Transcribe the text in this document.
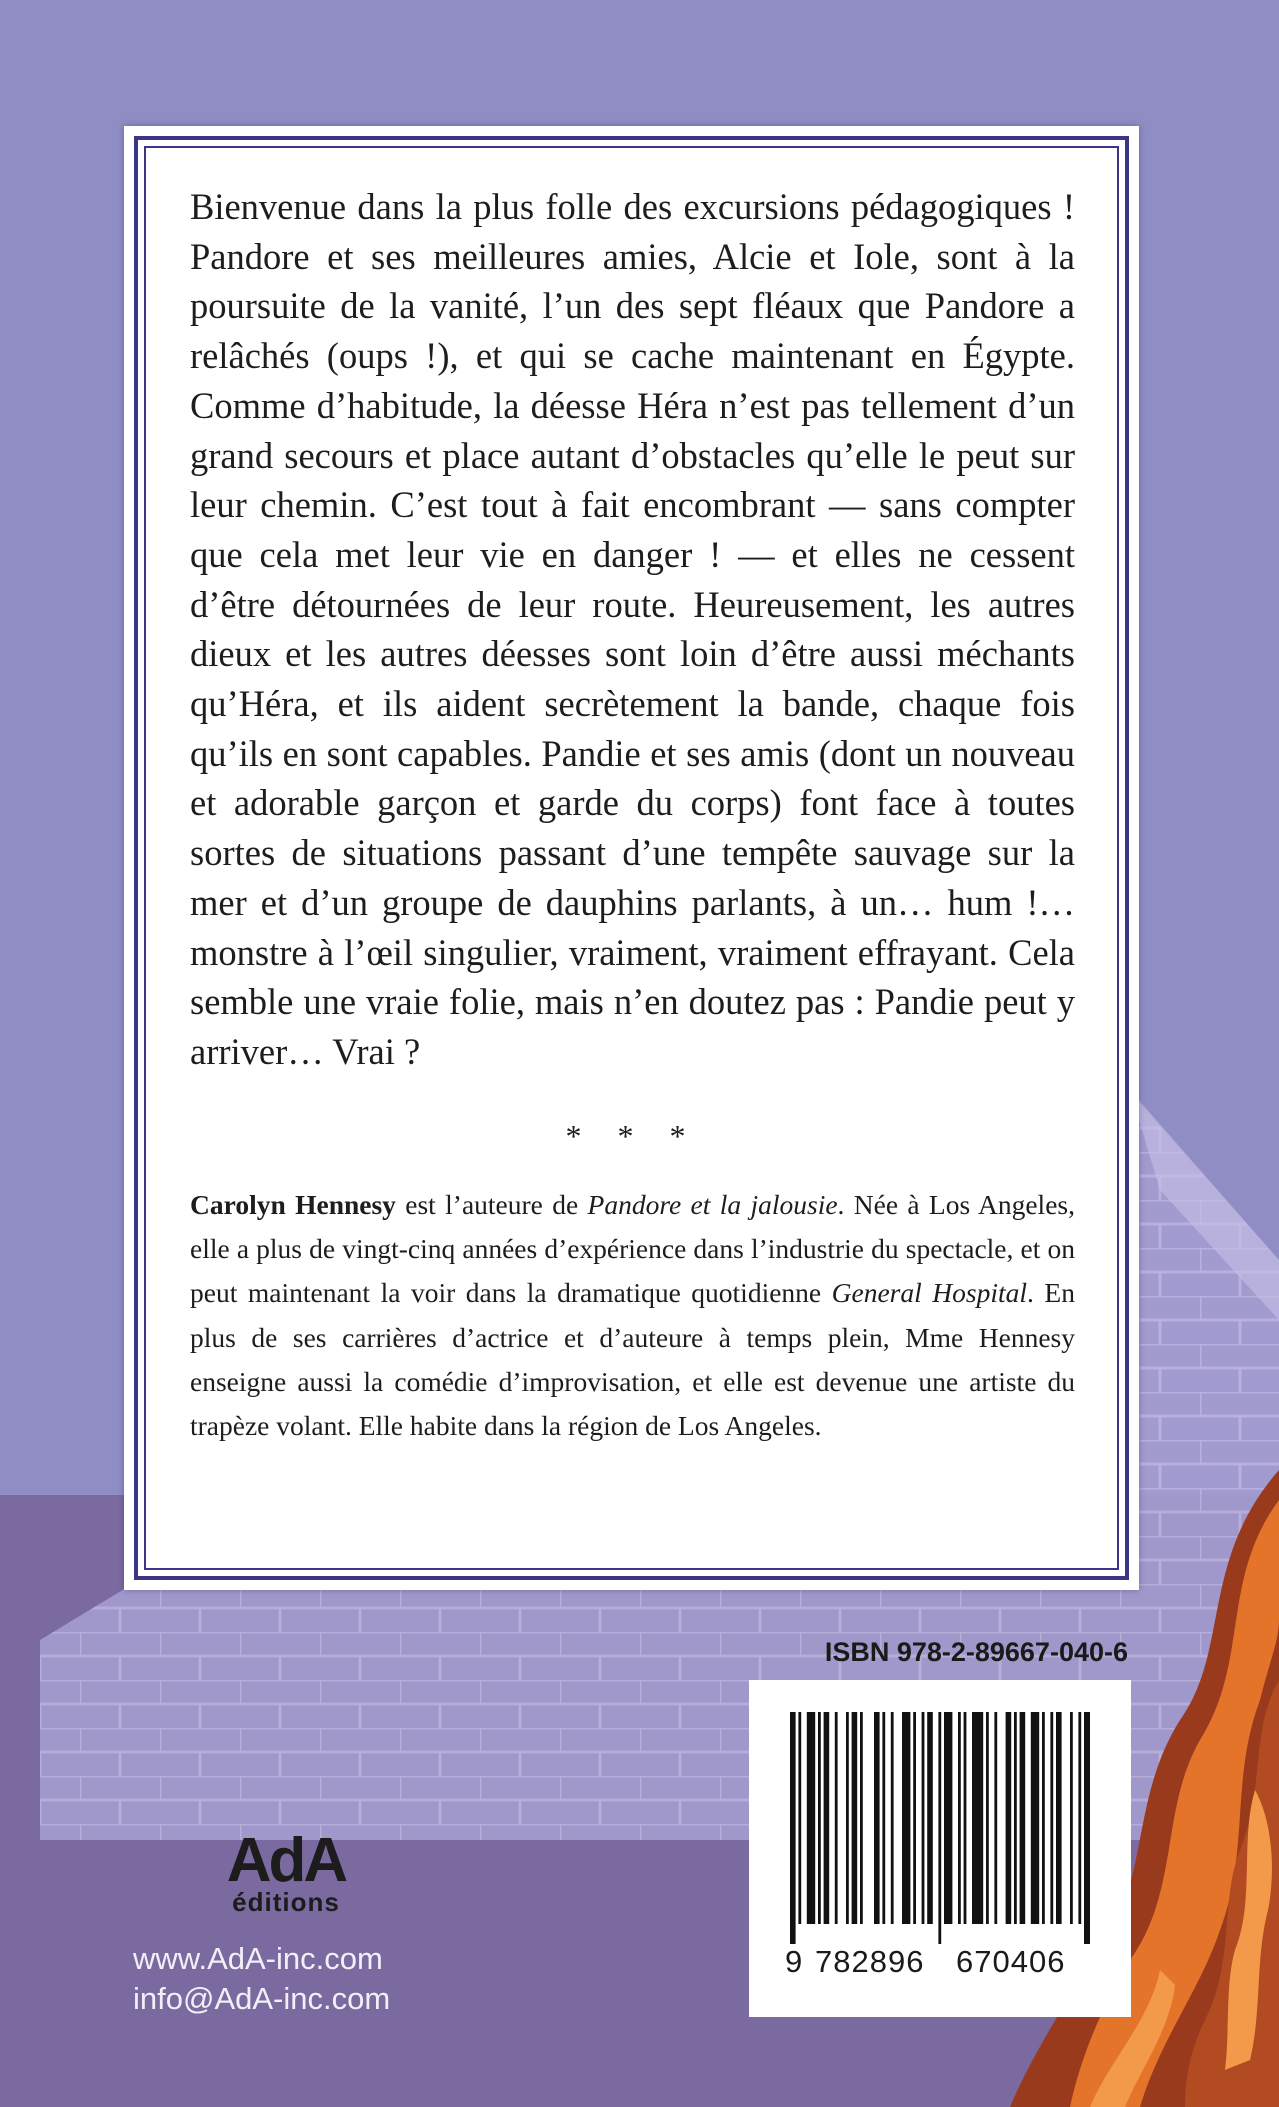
Bienvenue dans la plus folle des excursions pédagogiques ! Pandore et ses meilleures amies, Alcie et Iole, sont à la poursuite de la vanité, l’un des sept fléaux que Pandore a relâchés (oups !), et qui se cache maintenant en Égypte. Comme d’habitude, la déesse Héra n’est pas tellement d’un grand secours et place autant d’obstacles qu’elle le peut sur leur chemin. C’est tout à fait encombrant — sans compter que cela met leur vie en danger ! — et elles ne cessent d’être détournées de leur route. Heureusement, les autres dieux et les autres déesses sont loin d’être aussi méchants qu’Héra, et ils aident secrètement la bande, chaque fois qu’ils en sont capables. Pandie et ses amis (dont un nouveau et adorable garçon et garde du corps) font face à toutes sortes de situations passant d’une tempête sauvage sur la mer et d’un groupe de dauphins parlants, à un… hum !… monstre à l’œil singulier, vraiment, vraiment effrayant. Cela semble une vraie folie, mais n’en doutez pas : Pandie peut y arriver… Vrai ?

* * *

Carolyn Hennesy est l’auteure de Pandore et la jalousie. Née à Los Angeles, elle a plus de vingt-cinq années d’expérience dans l’industrie du spectacle, et on peut maintenant la voir dans la dramatique quotidienne General Hospital. En plus de ses carrières d’actrice et d’auteure à temps plein, Mme Hennesy enseigne aussi la comédie d’improvisation, et elle est devenue une artiste du trapèze volant. Elle habite dans la région de Los Angeles.

ISBN 978-2-89667-040-6
9 782896 670406
AdA
éditions
www.AdA-inc.com
info@AdA-inc.com
